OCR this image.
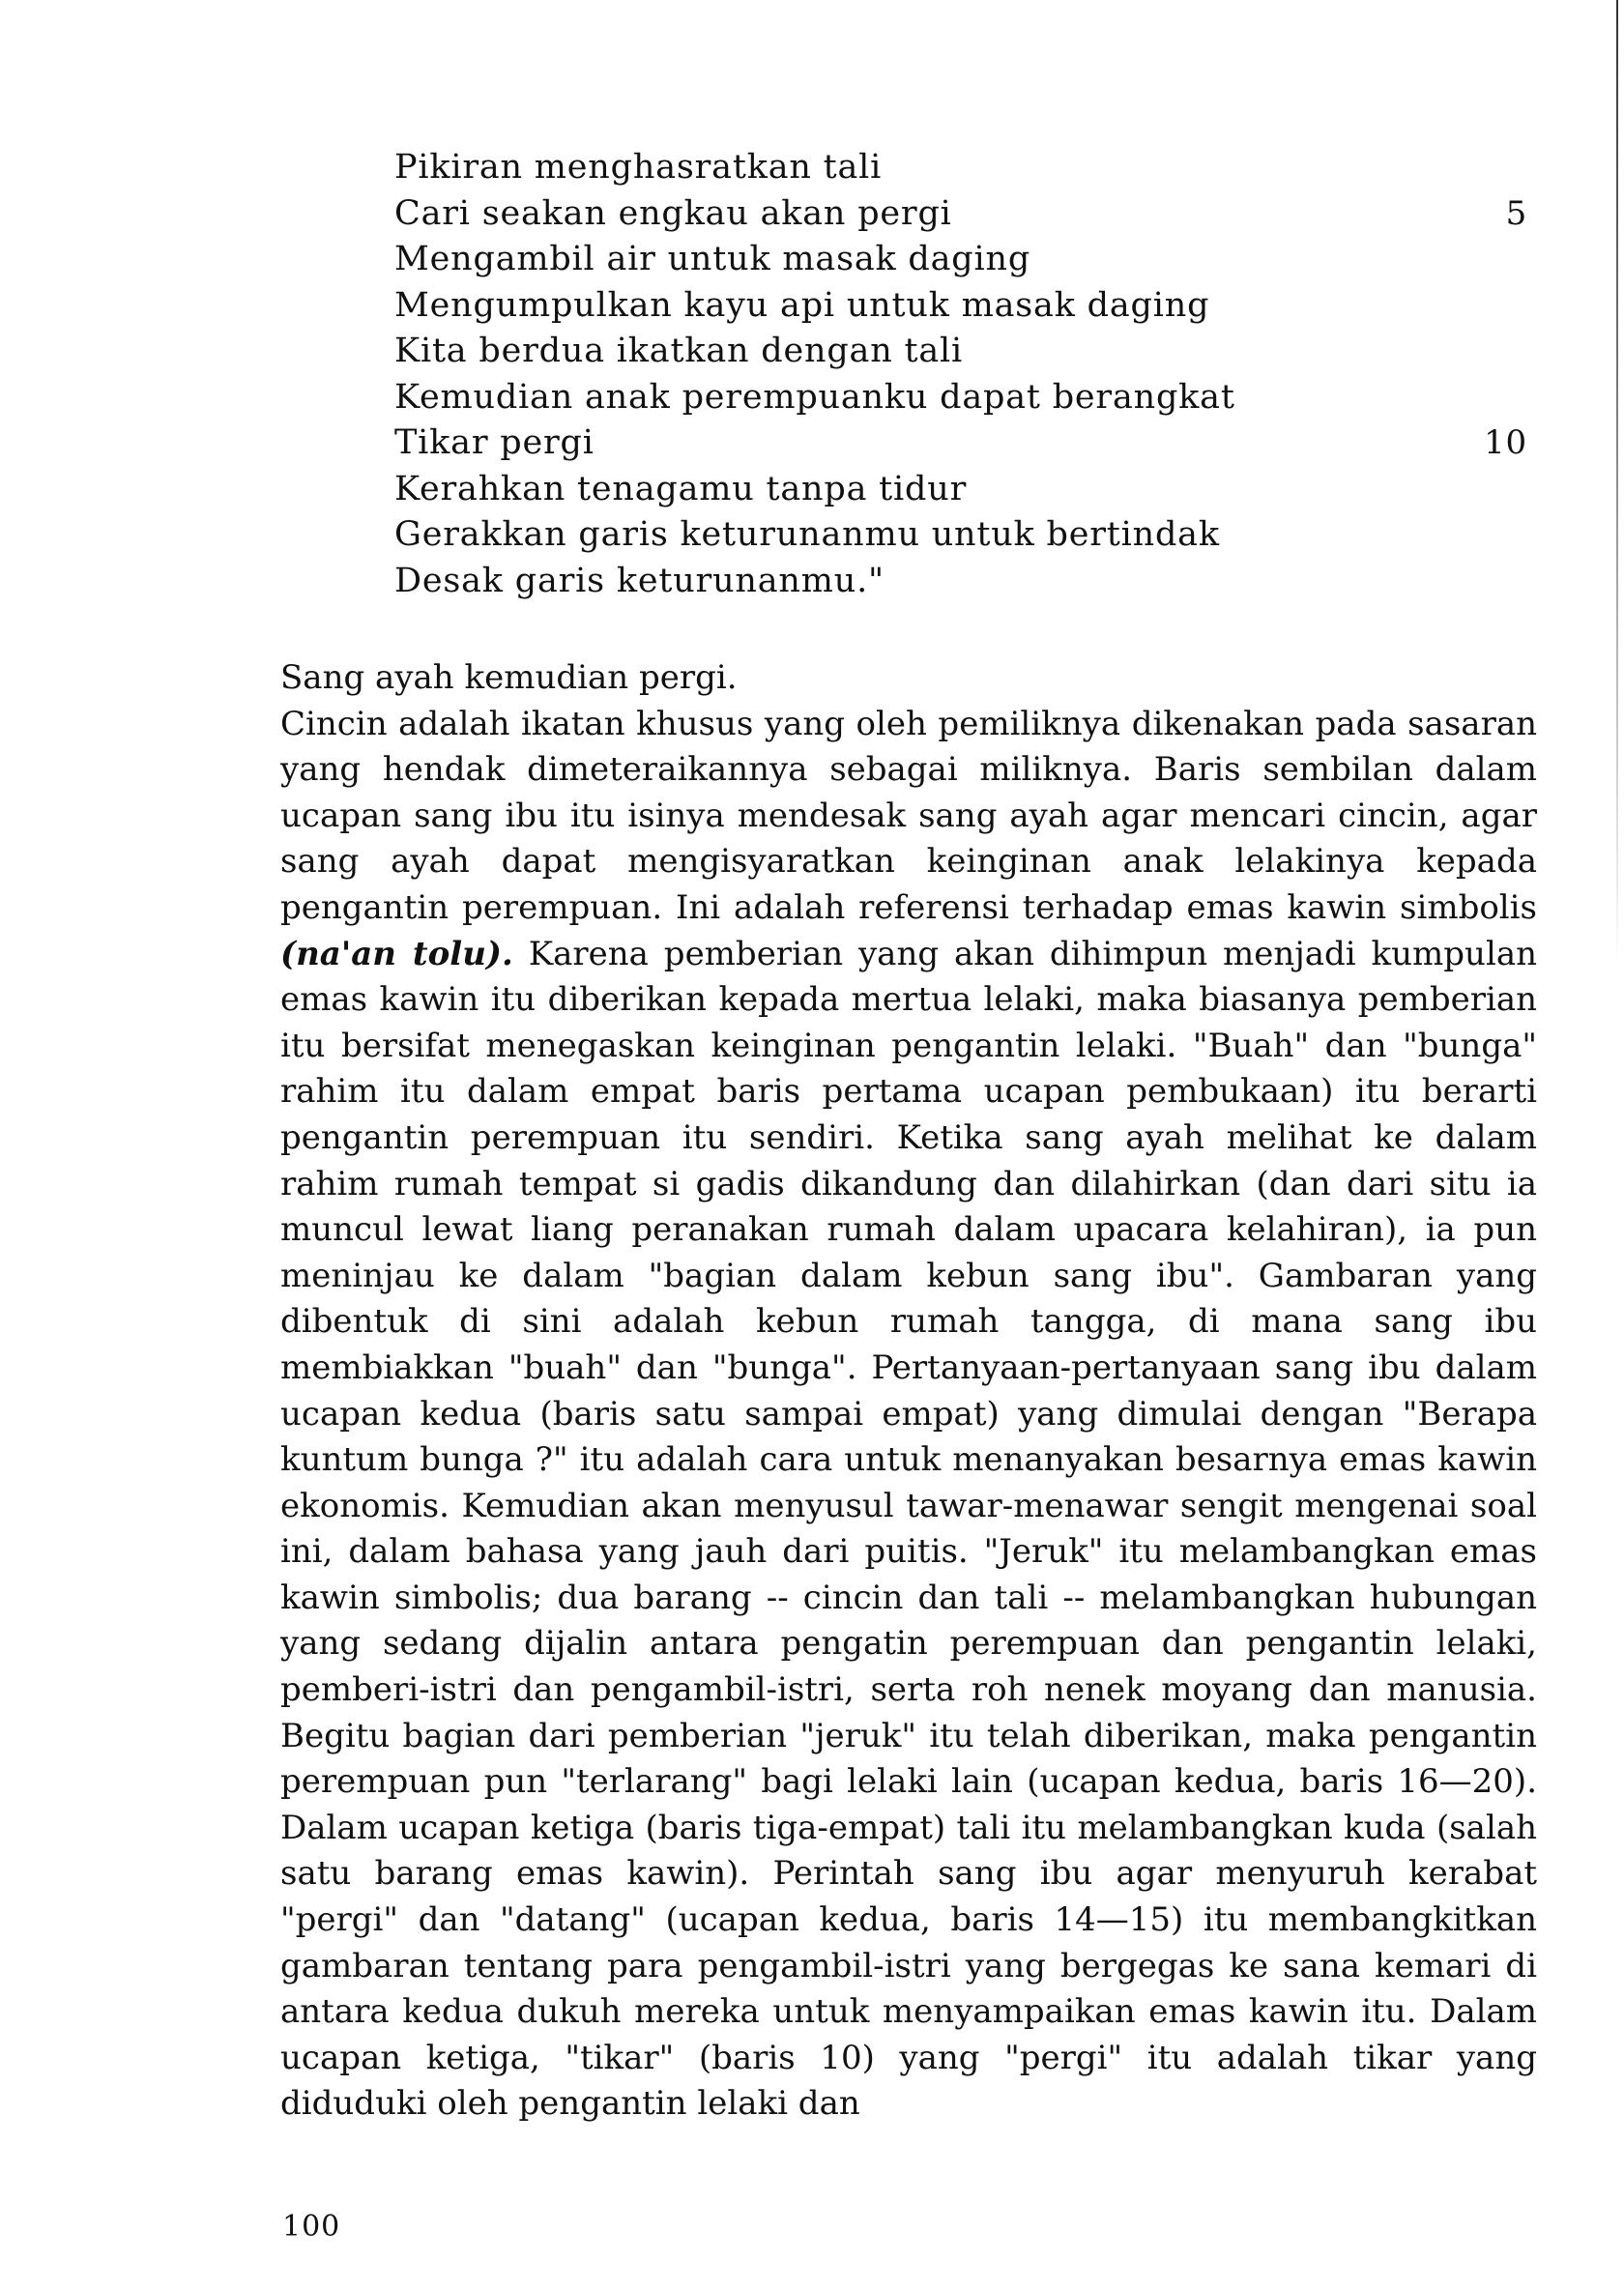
Pikiran menghasratkan tali
Cari seakan engkau akan pergi	5
Mengambil air untuk masak daging
Mengumpulkan kayu api untuk masak daging
Kita berdua ikatkan dengan tali
Kemudian anak perempuanku dapat berangkat
Tikar pergi	10
Kerahkan tenagamu tanpa tidur
Gerakkan garis keturunanmu untuk bertindak
Desak garis keturunanmu."

Sang ayah kemudian pergi.

Cincin adalah ikatan khusus yang oleh pemiliknya dikenakan pada sasaran yang hendak dimeteraikannya sebagai miliknya. Baris sembilan dalam ucapan sang ibu itu isinya mendesak sang ayah agar mencari cincin, agar sang ayah dapat mengisyaratkan keinginan anak lelakinya kepada pengantin perempuan. Ini adalah referensi terhadap emas kawin simbolis (na'an tolu). Karena pemberian yang akan dihimpun menjadi kumpulan emas kawin itu diberikan kepada mertua lelaki, maka biasanya pemberian itu bersifat menegaskan keinginan pengantin lelaki. "Buah" dan "bunga" rahim itu dalam empat baris pertama ucapan pembukaan) itu berarti pengantin perempuan itu sendiri. Ketika sang ayah melihat ke dalam rahim rumah tempat si gadis dikandung dan dilahirkan (dan dari situ ia muncul lewat liang peranakan rumah dalam upacara kelahiran), ia pun meninjau ke dalam "bagian dalam kebun sang ibu". Gambaran yang dibentuk di sini adalah kebun rumah tangga, di mana sang ibu membiakkan "buah" dan "bunga". Pertanyaan-pertanyaan sang ibu dalam ucapan kedua (baris satu sampai empat) yang dimulai dengan "Berapa kuntum bunga ?" itu adalah cara untuk menanyakan besarnya emas kawin ekonomis. Kemudian akan menyusul tawar-menawar sengit mengenai soal ini, dalam bahasa yang jauh dari puitis. "Jeruk" itu melambangkan emas kawin simbolis; dua barang -- cincin dan tali -- melambangkan hubungan yang sedang dijalin antara pengatin perempuan dan pengantin lelaki, pemberi-istri dan pengambil-istri, serta roh nenek moyang dan manusia. Begitu bagian dari pemberian "jeruk" itu telah diberikan, maka pengantin perempuan pun "terlarang" bagi lelaki lain (ucapan kedua, baris 16—20). Dalam ucapan ketiga (baris tiga-empat) tali itu melambangkan kuda (salah satu barang emas kawin). Perintah sang ibu agar menyuruh kerabat "pergi" dan "datang" (ucapan kedua, baris 14—15) itu membangkitkan gambaran tentang para pengambil-istri yang bergegas ke sana kemari di antara kedua dukuh mereka untuk menyampaikan emas kawin itu. Dalam ucapan ketiga, "tikar" (baris 10) yang "pergi" itu adalah tikar yang diduduki oleh pengantin lelaki dan

100
